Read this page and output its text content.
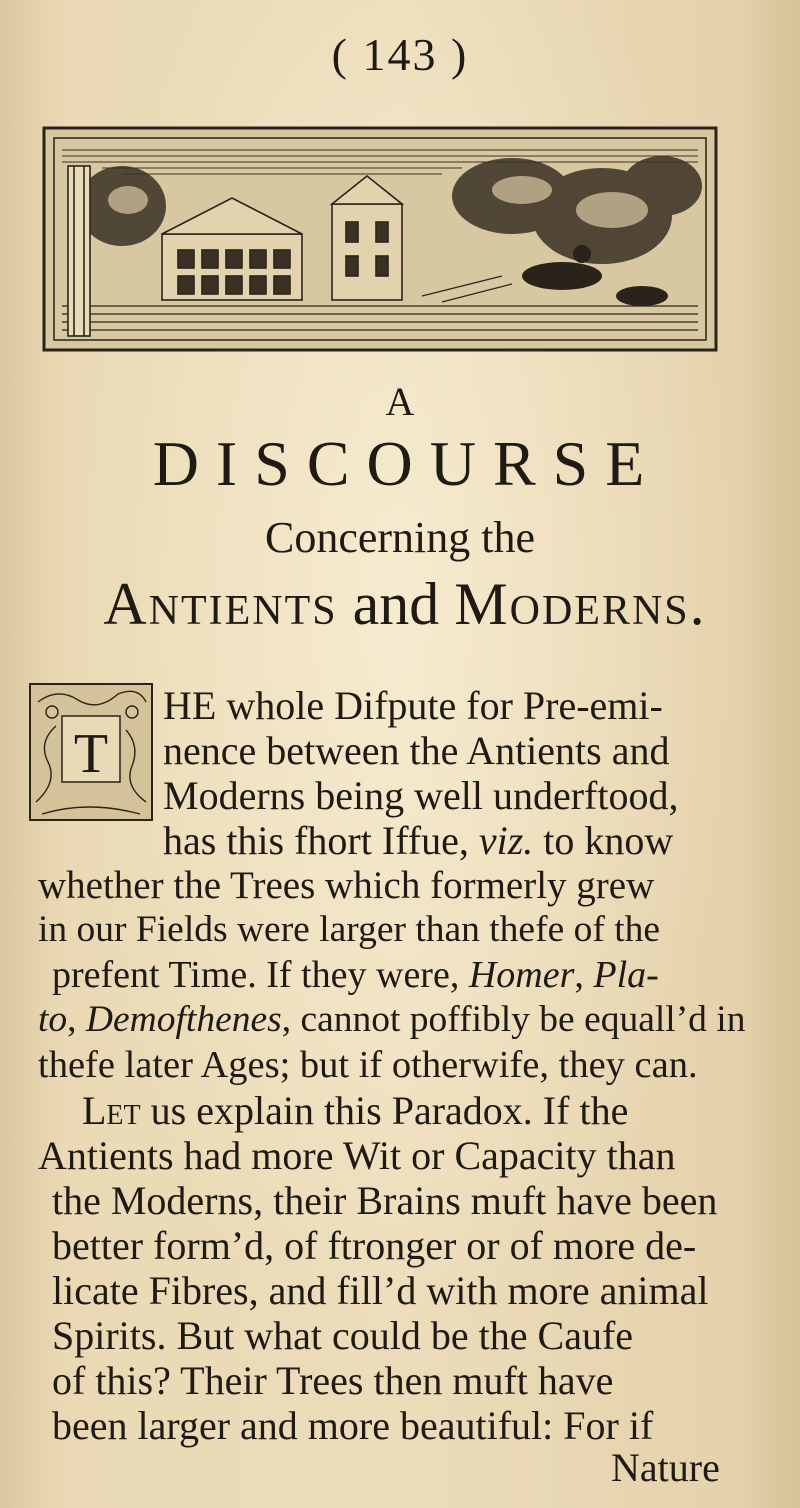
( 143 )
A
DISCOURSE
Concerning the
Antients and Moderns.
T
HE whole Difpute for Pre-emi-
nence between the Antients and
Moderns being well underftood,
has this fhort Iffue, viz. to know
whether the Trees which formerly grew
in our Fields were larger than thefe of the
prefent Time. If they were, Homer, Pla-
to, Demofthenes, cannot poffibly be equall’d in
thefe later Ages; but if otherwife, they can.
Let us explain this Paradox. If the
Antients had more Wit or Capacity than
the Moderns, their Brains muft have been
better form’d, of ftronger or of more de-
licate Fibres, and fill’d with more animal
Spirits. But what could be the Caufe
of this? Their Trees then muft have
been larger and more beautiful: For if
Nature
